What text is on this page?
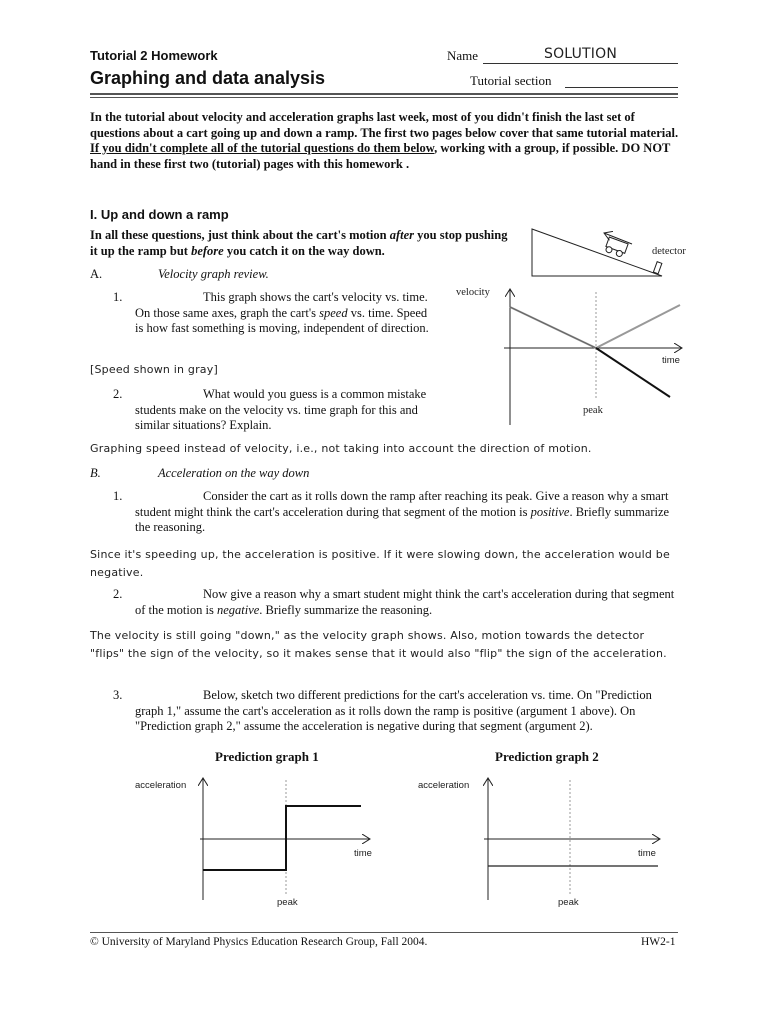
Tutorial 2 Homework
Graphing and data analysis
Name	SOLUTION
Tutorial section
In the tutorial about velocity and acceleration graphs last week, most of you didn't finish the last set of questions about a cart going up and down a ramp. The first two pages below cover that same tutorial material. If you didn't complete all of the tutorial questions do them below, working with a group, if possible. DO NOT hand in these first two (tutorial) pages with this homework .
I. Up and down a ramp
In all these questions, just think about the cart's motion after you stop pushing it up the ramp but before you catch it on the way down.
A.	Velocity graph review.
1.	This graph shows the cart's velocity vs. time. On those same axes, graph the cart's speed vs. time. Speed is how fast something is moving, independent of direction.
[Speed shown in gray]
2.	What would you guess is a common mistake students make on the velocity vs. time graph for this and similar situations? Explain.
Graphing speed instead of velocity, i.e., not taking into account the direction of motion.
B.	Acceleration on the way down
1.	Consider the cart as it rolls down the ramp after reaching its peak. Give a reason why a smart student might think the cart's acceleration during that segment of the motion is positive. Briefly summarize the reasoning.
Since it's speeding up, the acceleration is positive. If it were slowing down, the acceleration would be negative.
2.	Now give a reason why a smart student might think the cart's acceleration during that segment of the motion is negative. Briefly summarize the reasoning.
The velocity is still going "down," as the velocity graph shows. Also, motion towards the detector "flips" the sign of the velocity, so it makes sense that it would also "flip" the sign of the acceleration.
3.	Below, sketch two different predictions for the cart's acceleration vs. time. On "Prediction graph 1," assume the cart's acceleration as it rolls down the ramp is positive (argument 1 above). On "Prediction graph 2," assume the acceleration is negative during that segment (argument 2).
Prediction graph 1	Prediction graph 2
detector
velocity
time
peak
acceleration
time
peak
acceleration
time
peak
© University of Maryland Physics Education Research Group, Fall 2004.	HW2-1
